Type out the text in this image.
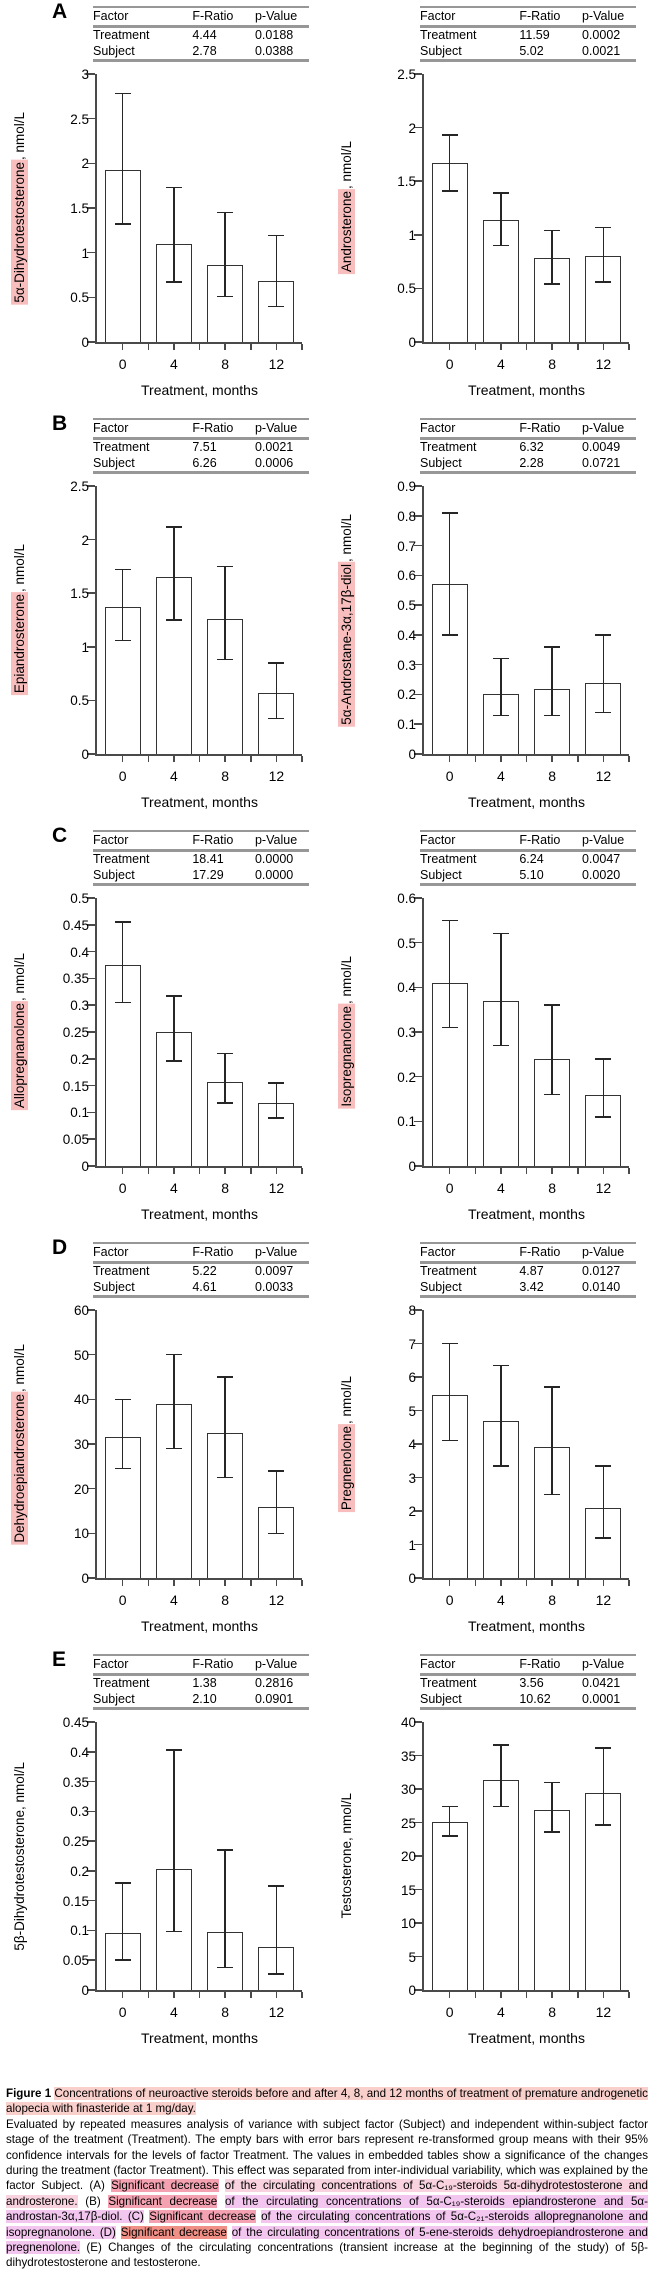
A Factor	F-Ratio	p-Value
Treatment	4.44	0.0188
Subject	2.78	0.0388
5α-Dihydrotestosterone, nmol/L
0
0.5
1
1.5
2
2.5
3
0	4	8	12
Treatment, months
Factor	F-Ratio	p-Value
Treatment	11.59	0.0002
Subject	5.02	0.0021
Androsterone, nmol/L
0
0.5
1
1.5
2
2.5
0	4	8	12
Treatment, months
B Factor	F-Ratio	p-Value
Treatment	7.51	0.0021
Subject	6.26	0.0006
Epiandrosterone, nmol/L
0
0.5
1
1.5
2
2.5
0	4	8	12
Treatment, months
Factor	F-Ratio	p-Value
Treatment	6.32	0.0049
Subject	2.28	0.0721
5α-Androstane-3α,17β-diol, nmol/L
0
0.1
0.2
0.3
0.4
0.5
0.6
0.7
0.8
0.9
0	4	8	12
Treatment, months
C Factor	F-Ratio	p-Value
Treatment	18.41	0.0000
Subject	17.29	0.0000
Allopregnanolone, nmol/L
0
0.05
0.1
0.15
0.2
0.25
0.3
0.35
0.4
0.45
0.5
0	4	8	12
Treatment, months
Factor	F-Ratio	p-Value
Treatment	6.24	0.0047
Subject	5.10	0.0020
Isopregnanolone, nmol/L
0
0.1
0.2
0.3
0.4
0.5
0.6
0	4	8	12
Treatment, months
D Factor	F-Ratio	p-Value
Treatment	5.22	0.0097
Subject	4.61	0.0033
Dehydroepiandrosterone, nmol/L
0
10
20
30
40
50
60
0	4	8	12
Treatment, months
Factor	F-Ratio	p-Value
Treatment	4.87	0.0127
Subject	3.42	0.0140
Pregnenolone, nmol/L
0
1
2
3
4
5
6
7
8
0	4	8	12
Treatment, months
E Factor	F-Ratio	p-Value
Treatment	1.38	0.2816
Subject	2.10	0.0901
5β-Dihydrotestosterone, nmol/L
0
0.05
0.1
0.15
0.2
0.25
0.3
0.35
0.4
0.45
0	4	8	12
Treatment, months
Factor	F-Ratio	p-Value
Treatment	3.56	0.0421
Subject	10.62	0.0001
Testosterone, nmol/L
0
5
10
15
20
25
30
35
40
0	4	8	12
Treatment, months
Figure 1 Concentrations of neuroactive steroids before and after 4, 8, and 12 months of treatment of premature androgenetic alopecia with finasteride at 1 mg/day.
Evaluated by repeated measures analysis of variance with subject factor (Subject) and independent within-subject factor stage of the treatment (Treatment). The empty bars with error bars represent re-transformed group means with their 95% confidence intervals for the levels of factor Treatment. The values in embedded tables show a significance of the changes during the treatment (factor Treatment). This effect was separated from inter-individual variability, which was explained by the factor Subject. (A) Significant decrease of the circulating concentrations of 5α-C₁₉-steroids 5α-dihydrotestosterone and androsterone. (B) Significant decrease of the circulating concentrations of 5α-C₁₉-steroids epiandrosterone and 5α-androstan-3α,17β-diol. (C) Significant decrease of the circulating concentrations of 5α-C₂₁-steroids allopregnanolone and isopregnanolone. (D) Significant decrease of the circulating concentrations of 5-ene-steroids dehydroepiandrosterone and pregnenolone. (E) Changes of the circulating concentrations (transient increase at the beginning of the study) of 5β-dihydrotestosterone and testosterone.
